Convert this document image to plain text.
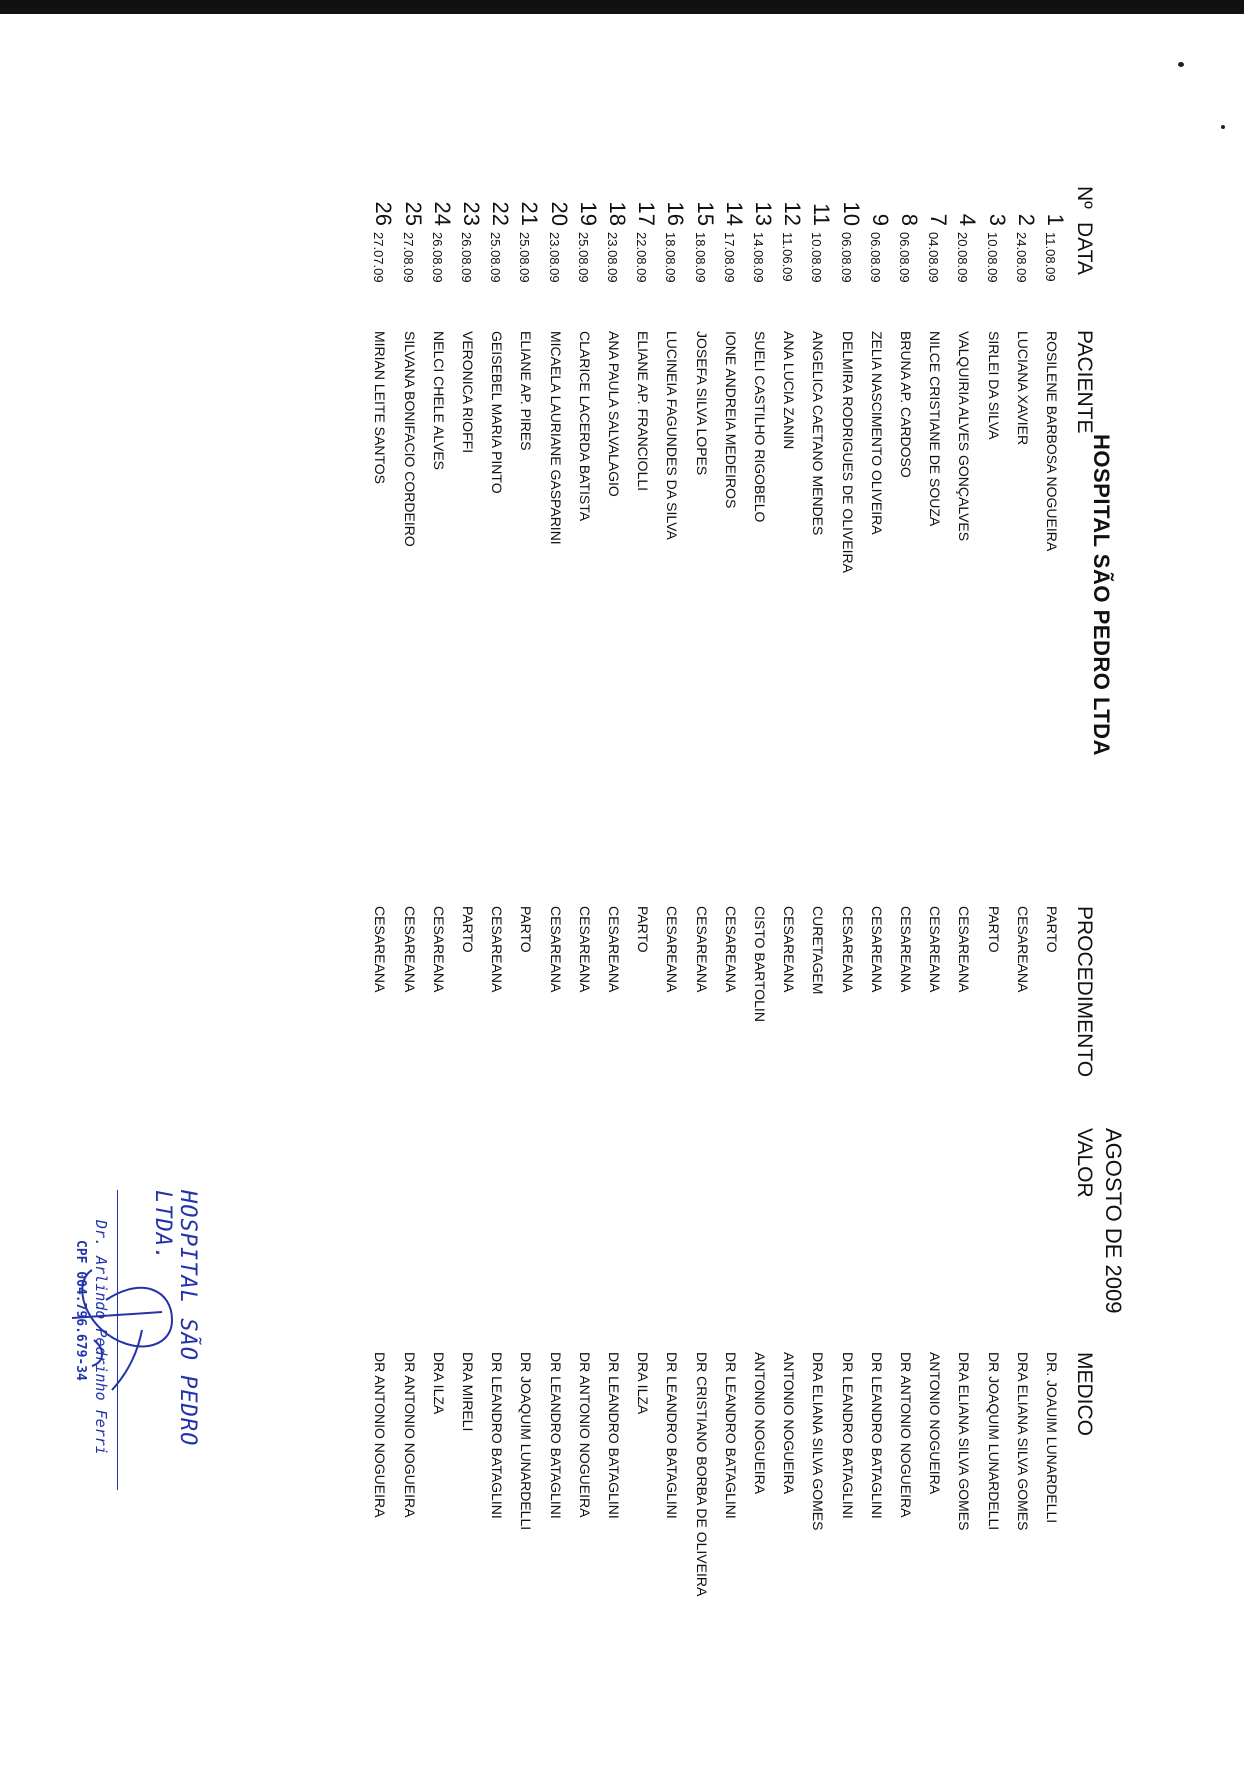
HOSPITAL SÃO PEDRO LTDA
AGOSTO DE 2009
Nº
DATA
PACIENTE
PROCEDIMENTO
VALOR
MEDICO
1
11.08.09
ROSILENE BARBOSA NOGUEIRA
PARTO
DR. JOAUIM LUNARDELLI
2
24.08.09
LUCIANA XAVIER
CESAREANA
DRA ELIANA SILVA GOMES
3
10.08.09
SIRLEI DA SILVA
PARTO
DR JOAQUIM LUNARDELLI
4
20.08.09
VALQUIRIA ALVES GONÇALVES
CESAREANA
DRA ELIANA SILVA GOMES
7
04.08.09
NILCE CRISTIANE DE SOUZA
CESAREANA
ANTONIO NOGUEIRA
8
06.08.09
BRUNA AP. CARDOSO
CESAREANA
DR ANTONIO NOGUEIRA
9
06.08.09
ZELIA NASCIMENTO OLIVEIRA
CESAREANA
DR LEANDRO BATAGLINI
10
06.08.09
DELMIRA RODRIGUES DE OLIVEIRA
CESAREANA
DR LEANDRO BATAGLINI
11
10.08.09
ANGELICA CAETANO MENDES
CURETAGEM
DRA ELIANA SILVA GOMES
12
11.06.09
ANA LUCIA ZANIN
CESAREANA
ANTONIO NOGUEIRA
13
14.08.09
SUELI CASTILHO RIGOBELO
CISTO BARTOLIN
ANTONIO NOGUEIRA
14
17.08.09
IONE ANDREIA MEDEIROS
CESAREANA
DR LEANDRO BATAGLINI
15
18.08.09
JOSEFA SILVA LOPES
CESAREANA
DR CRISTIANO BORBA DE OLIVEIRA
16
18.08.09
LUCINEIA FAGUNDES DA SILVA
CESAREANA
DR LEANDRO BATAGLINI
17
22.08.09
ELIANE AP. FRANCIOLLI
PARTO
DRA ILZA
18
23.08.09
ANA PAULA SALVALAGIO
CESAREANA
DR LEANDRO BATAGLINI
19
25.08.09
CLARICE LACERDA BATISTA
CESAREANA
DR ANTONIO NOGUEIRA
20
23.08.09
MICAELA LAURIANE GASPARINI
CESAREANA
DR LEANDRO BATAGLINI
21
25.08.09
ELIANE AP. PIRES
PARTO
DR JOAQUIM LUNARDELLI
22
25.08.09
GEISEBEL MARIA PINTO
CESAREANA
DR LEANDRO BATAGLINI
23
26.08.09
VERONICA RIOFFI
PARTO
DRA MIRELI
24
26.08.09
NELCI CHELE ALVES
CESAREANA
DRA ILZA
25
27.08.09
SILVANA BONIFACIO CORDEIRO
CESAREANA
DR ANTONIO NOGUEIRA
26
27.07.09
MIRIAN LEITE SANTOS
CESAREANA
DR ANTONIO NOGUEIRA
HOSPITAL SÃO PEDRO LTDA.
Dr. Arlindo Pedrinho Ferri
CPF 004.796.679-34
